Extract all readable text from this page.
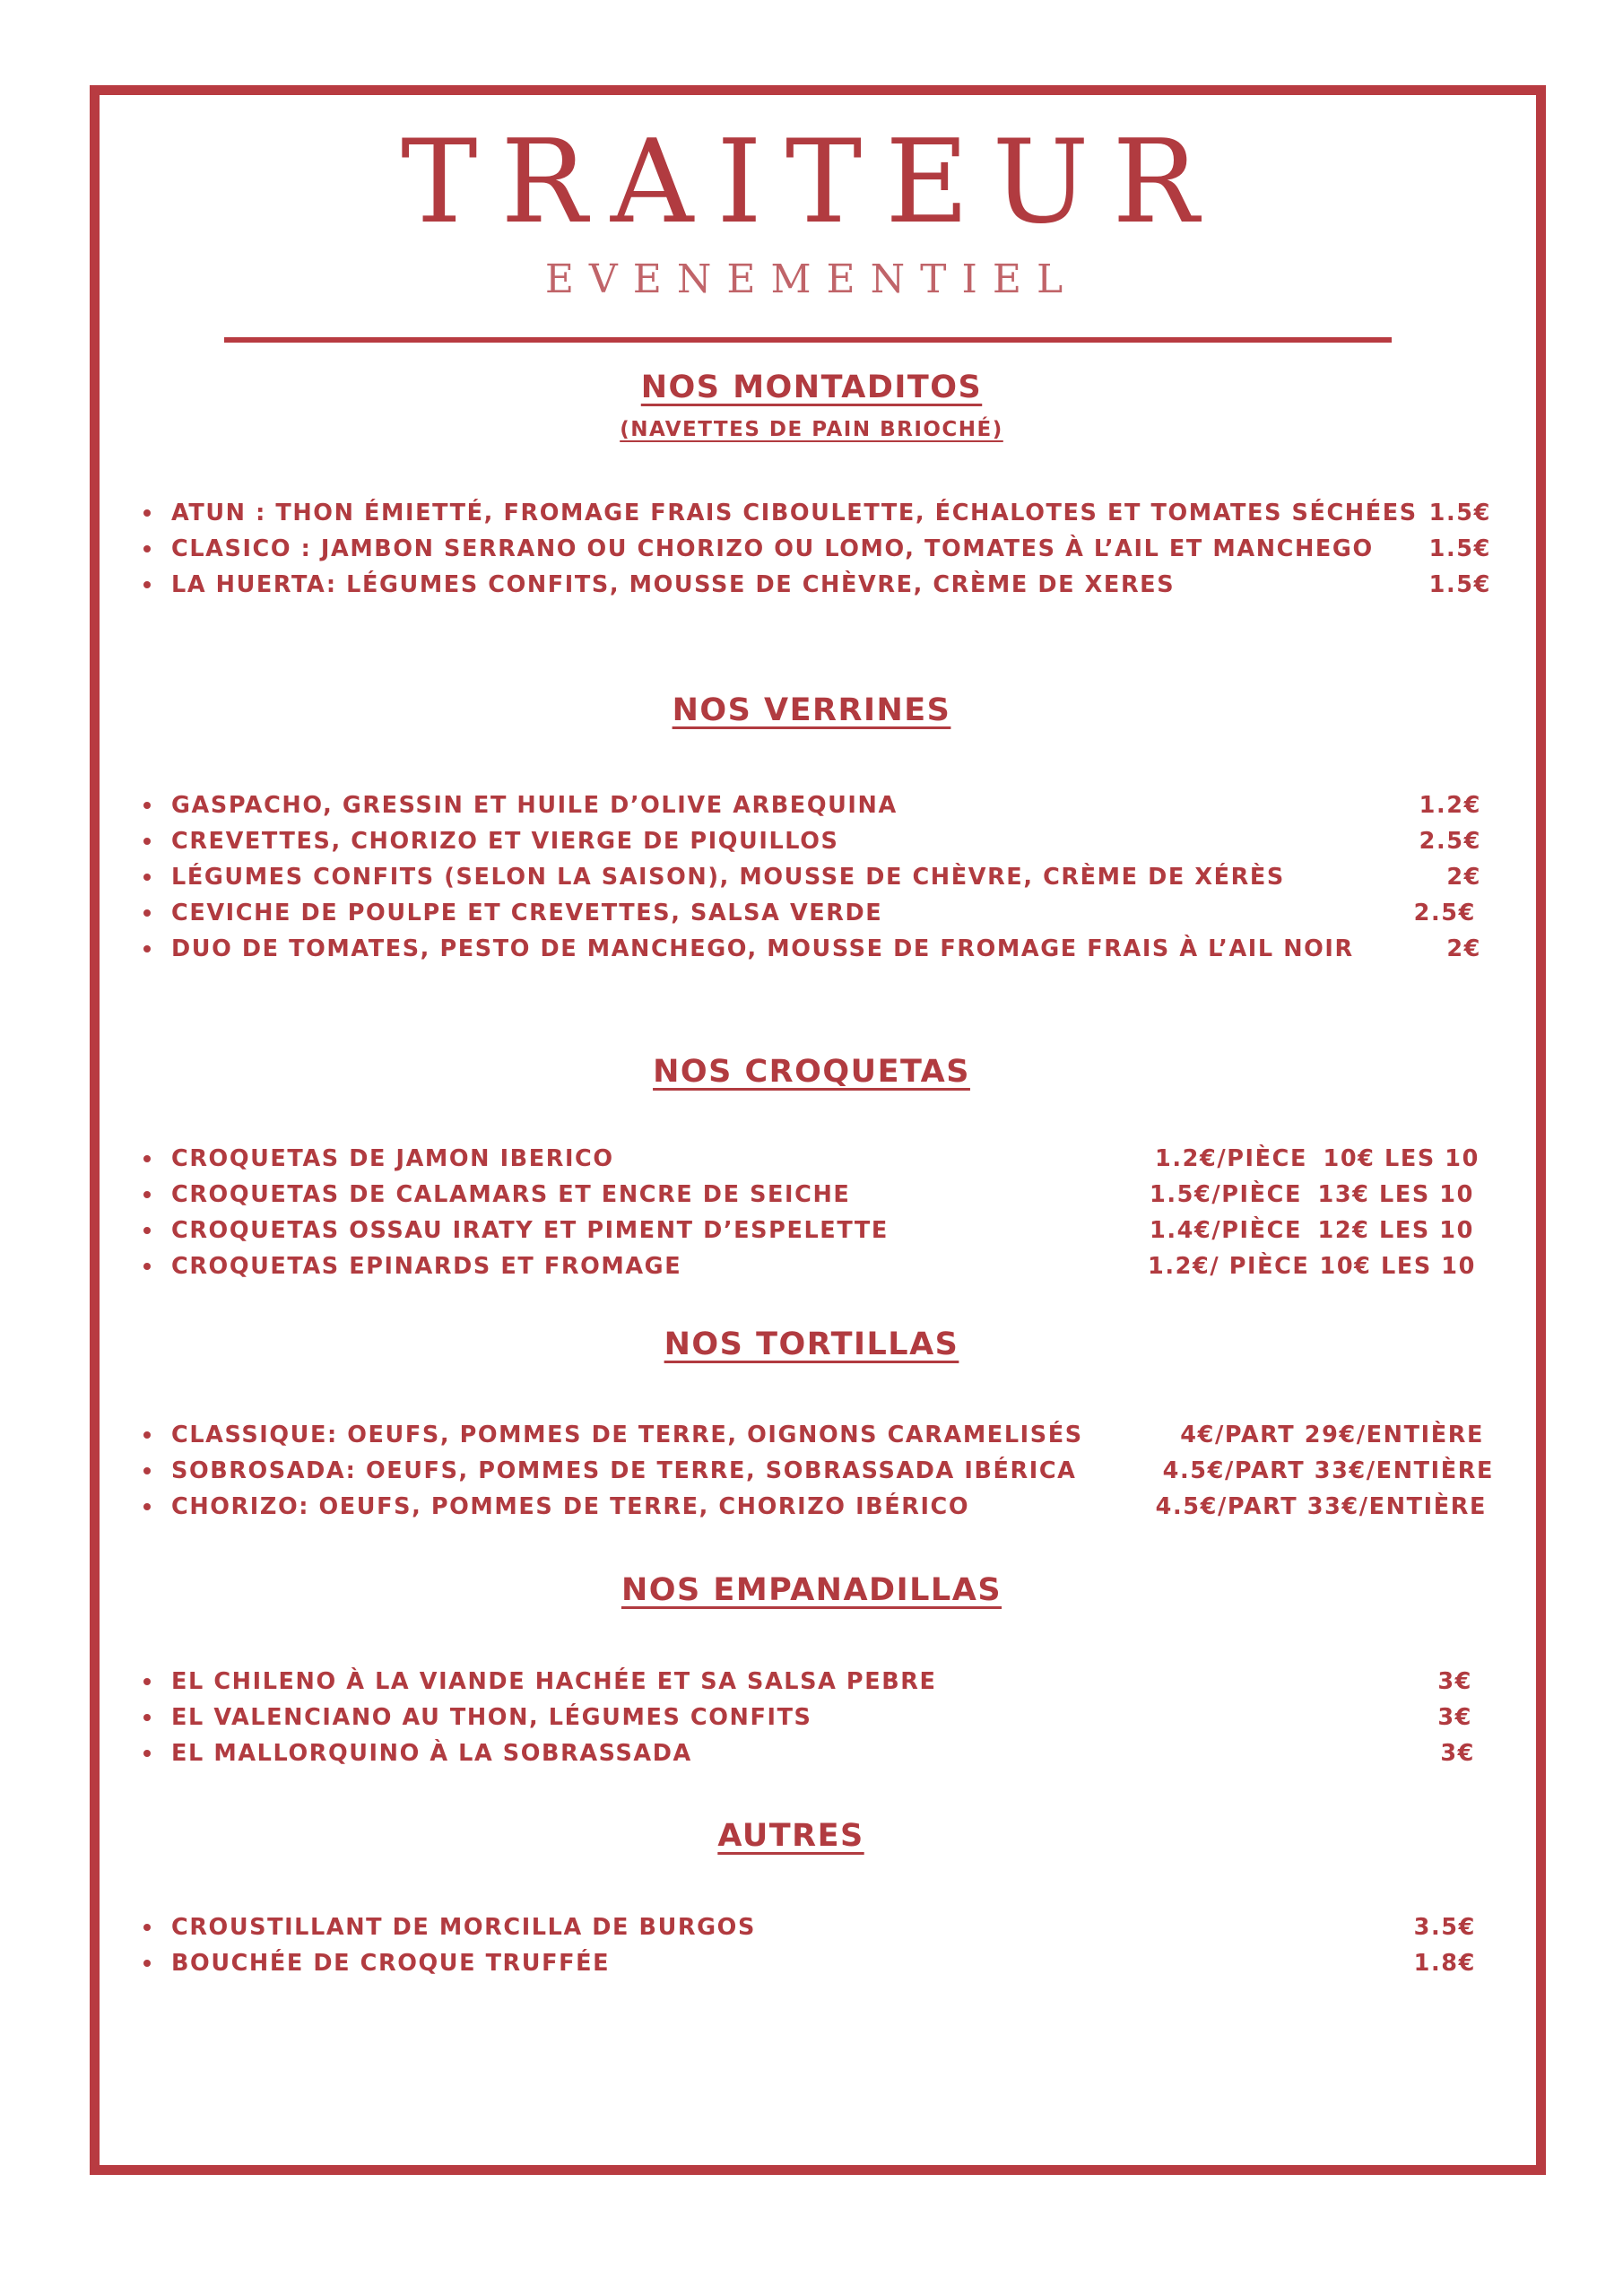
TRAITEUR
EVENEMENTIEL
NOS MONTADITOS
(NAVETTES DE PAIN BRIOCHÉ)
ATUN : THON ÉMIETTÉ, FROMAGE FRAIS CIBOULETTE, ÉCHALOTES ET TOMATES SÉCHÉES 1.5€
CLASICO : JAMBON SERRANO OU CHORIZO OU LOMO, TOMATES À L’AIL ET MANCHEGO 1.5€
LA HUERTA: LÉGUMES CONFITS, MOUSSE DE CHÈVRE, CRÈME DE XERES	1.5€
NOS VERRINES
GASPACHO, GRESSIN ET HUILE D’OLIVE ARBEQUINA	1.2€
CREVETTES, CHORIZO ET VIERGE DE PIQUILLOS	2.5€
LÉGUMES CONFITS (SELON LA SAISON), MOUSSE DE CHÈVRE, CRÈME DE XÉRÈS	2€
CEVICHE DE POULPE ET CREVETTES, SALSA VERDE	2.5€
DUO DE TOMATES, PESTO DE MANCHEGO, MOUSSE DE FROMAGE FRAIS À L’AIL NOIR	2€
NOS CROQUETAS
CROQUETAS DE JAMON IBERICO	1.2€/PIÈCE 10€ LES 10
CROQUETAS DE CALAMARS ET ENCRE DE SEICHE	1.5€/PIÈCE 13€ LES 10
CROQUETAS OSSAU IRATY ET PIMENT D’ESPELETTE	1.4€/PIÈCE 12€ LES 10
CROQUETAS EPINARDS ET FROMAGE	1.2€/ PIÈCE 10€ LES 10
NOS TORTILLAS
CLASSIQUE: OEUFS, POMMES DE TERRE, OIGNONS CARAMELISÉS	4€/PART 29€/ENTIÈRE
SOBROSADA: OEUFS, POMMES DE TERRE, SOBRASSADA IBÉRICA	4.5€/PART 33€/ENTIÈRE
CHORIZO: OEUFS, POMMES DE TERRE, CHORIZO IBÉRICO	4.5€/PART 33€/ENTIÈRE
NOS EMPANADILLAS
EL CHILENO À LA VIANDE HACHÉE ET SA SALSA PEBRE	3€
EL VALENCIANO AU THON, LÉGUMES CONFITS	3€
EL MALLORQUINO À LA SOBRASSADA	3€
AUTRES
CROUSTILLANT DE MORCILLA DE BURGOS	3.5€
BOUCHÉE DE CROQUE TRUFFÉE	1.8€
